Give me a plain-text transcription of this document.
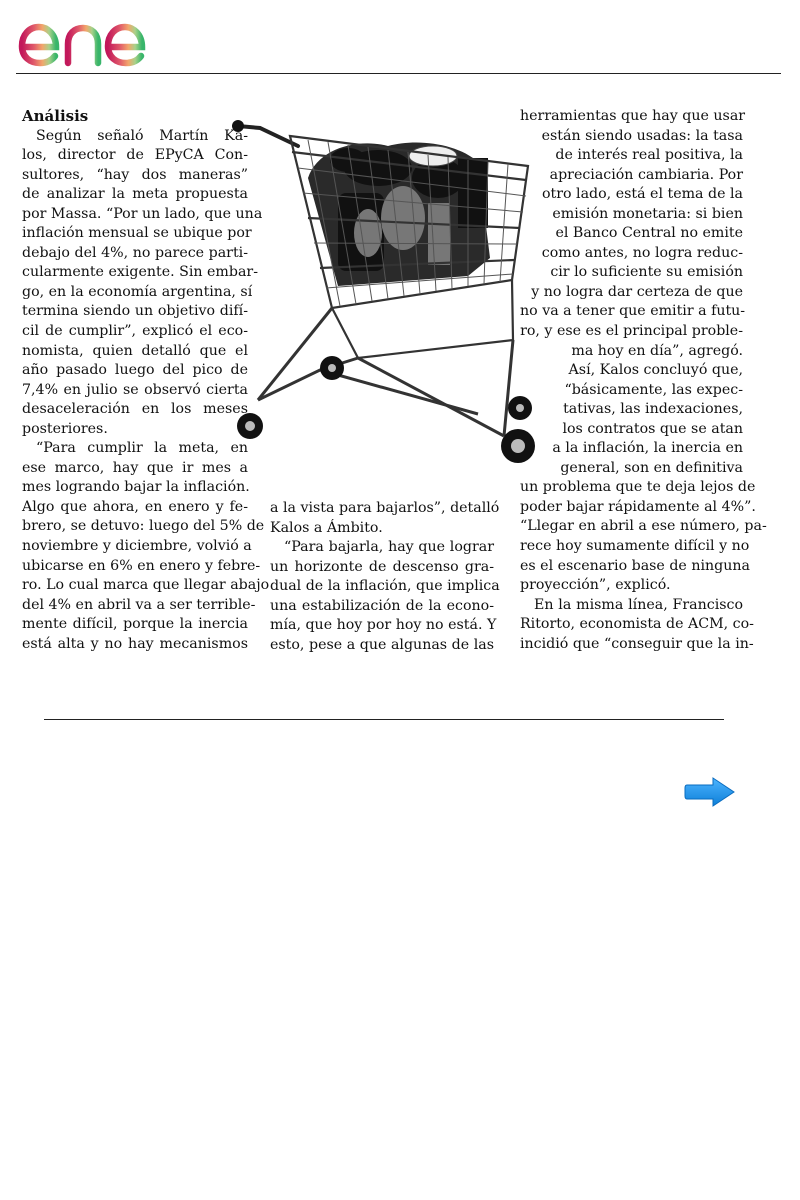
Análisis

Según señaló Martín Ka-
los, director de EPyCA Con-
sultores, “hay dos maneras”
de analizar la meta propuesta
por Massa. “Por un lado, que una
inflación mensual se ubique por
debajo del 4%, no parece parti-
cularmente exigente. Sin embar-
go, en la economía argentina, sí
termina siendo un objetivo difí-
cil de cumplir”, explicó el eco-
nomista, quien detalló que el
año pasado luego del pico de
7,4% en julio se observó cierta
desaceleración en los meses
posteriores.
“Para cumplir la meta, en
ese marco, hay que ir mes a
mes logrando bajar la inflación.
Algo que ahora, en enero y fe-
brero, se detuvo: luego del 5% de
noviembre y diciembre, volvió a
ubicarse en 6% en enero y febre-
ro. Lo cual marca que llegar abajo
del 4% en abril va a ser terrible-
mente difícil, porque la inercia
está alta y no hay mecanismos
a la vista para bajarlos”, detalló
Kalos a Ámbito.
“Para bajarla, hay que lograr
un horizonte de descenso gra-
dual de la inflación, que implica
una estabilización de la econo-
mía, que hoy por hoy no está. Y
esto, pese a que algunas de las
herramientas que hay que usar
están siendo usadas: la tasa
de interés real positiva, la
apreciación cambiaria. Por
otro lado, está el tema de la
emisión monetaria: si bien
el Banco Central no emite
como antes, no logra reduc-
cir lo suficiente su emisión
y no logra dar certeza de que
no va a tener que emitir a futu-
ro, y ese es el principal proble-
ma hoy en día”, agregó.
Así, Kalos concluyó que,
“básicamente, las expec-
tativas, las indexaciones,
los contratos que se atan
a la inflación, la inercia en
general, son en definitiva
un problema que te deja lejos de
poder bajar rápidamente al 4%”.
“Llegar en abril a ese número, pa-
rece hoy sumamente difícil y no
es el escenario base de ninguna
proyección”, explicó.
En la misma línea, Francisco
Ritorto, economista de ACM, co-
incidió que “conseguir que la in-
